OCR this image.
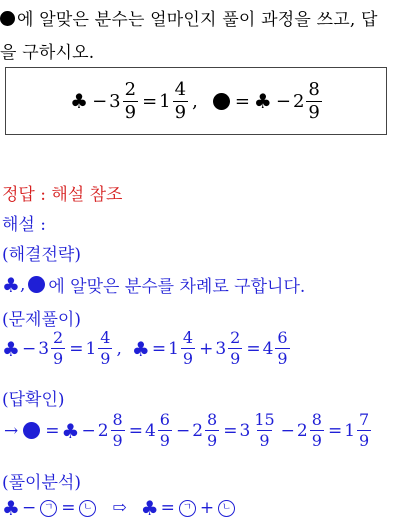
에 알맞은 분수는 얼마인지 풀이 과정을 쓰고, 답
을 구하시오.
♣ − $3 \frac{2}{9} = 1 \frac{4}{9}$ , = ♣ − $2 \frac{8}{9}$
정답 : 해설 참조
해설 :
(해결전략)
♣ , 에 알맞은 분수를 차례로 구합니다.
(문제풀이)
♣ − $3 \frac{2}{9} = 1 \frac{4}{9}$ , ♣ = $1 \frac{4}{9} + 3 \frac{2}{9} = 4 \frac{6}{9}$
(답확인)
→ = ♣ − $2 \frac{8}{9} = 4 \frac{6}{9} - 2 \frac{8}{9} = 3 \frac{15}{9} - 2 \frac{8}{9} = 1 \frac{7}{9}$
(풀이분석)
♣ − ㄱ = ㄴ ⇨ ♣ = ㄱ + ㄴ
